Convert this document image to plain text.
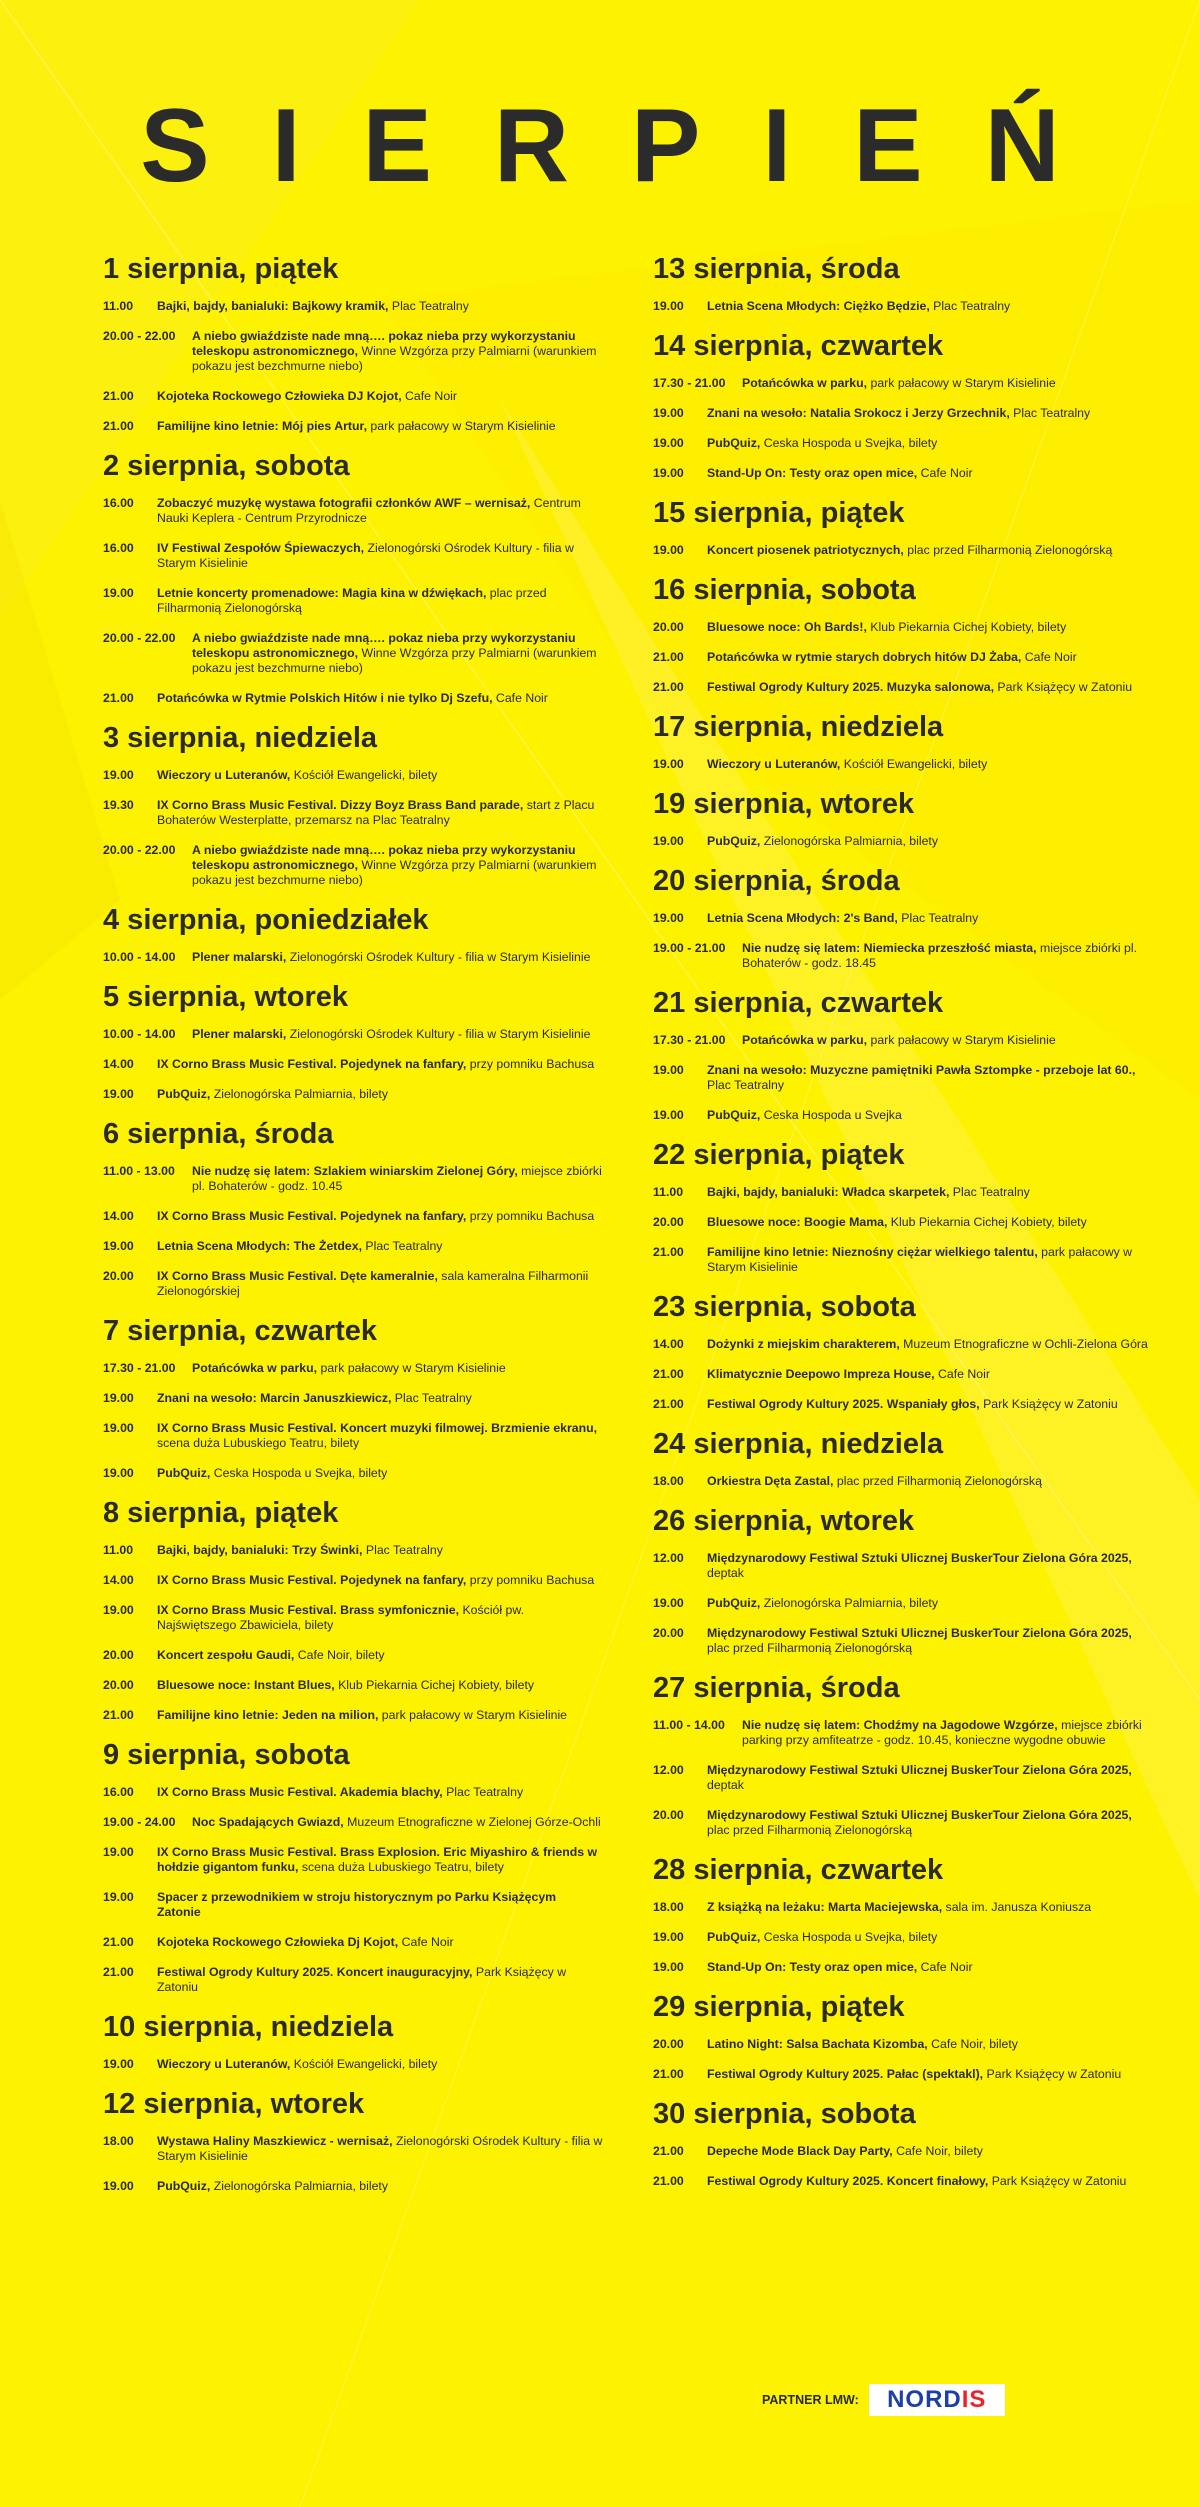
SIERPIEŃ
1 sierpnia, piątek
11.00	Bajki, bajdy, banialuki: Bajkowy kramik, Plac Teatralny
20.00 - 22.00	A niebo gwiaździste nade mną…. pokaz nieba przy wykorzystaniu teleskopu astronomicznego, Winne Wzgórza przy Palmiarni (warunkiem pokazu jest bezchmurne niebo)
21.00	Kojoteka Rockowego Człowieka DJ Kojot, Cafe Noir
21.00	Familijne kino letnie: Mój pies Artur, park pałacowy w Starym Kisielinie
2 sierpnia, sobota
16.00	Zobaczyć muzykę wystawa fotografii członków AWF – wernisaż, Centrum Nauki Keplera - Centrum Przyrodnicze
16.00	IV Festiwal Zespołów Śpiewaczych, Zielonogórski Ośrodek Kultury - filia w Starym Kisielinie
19.00	Letnie koncerty promenadowe: Magia kina w dźwiękach, plac przed Filharmonią Zielonogórską
20.00 - 22.00	A niebo gwiaździste nade mną…. pokaz nieba przy wykorzystaniu teleskopu astronomicznego, Winne Wzgórza przy Palmiarni (warunkiem pokazu jest bezchmurne niebo)
21.00	Potańcówka w Rytmie Polskich Hitów i nie tylko Dj Szefu, Cafe Noir
3 sierpnia, niedziela
19.00	Wieczory u Luteranów, Kościół Ewangelicki, bilety
19.30	IX Corno Brass Music Festival. Dizzy Boyz Brass Band parade, start z Placu Bohaterów Westerplatte, przemarsz na Plac Teatralny
20.00 - 22.00	A niebo gwiaździste nade mną…. pokaz nieba przy wykorzystaniu teleskopu astronomicznego, Winne Wzgórza przy Palmiarni (warunkiem pokazu jest bezchmurne niebo)
4 sierpnia, poniedziałek
10.00 - 14.00	Plener malarski, Zielonogórski Ośrodek Kultury - filia w Starym Kisielinie
5 sierpnia, wtorek
10.00 - 14.00	Plener malarski, Zielonogórski Ośrodek Kultury - filia w Starym Kisielinie
14.00	IX Corno Brass Music Festival. Pojedynek na fanfary, przy pomniku Bachusa
19.00	PubQuiz, Zielonogórska Palmiarnia, bilety
6 sierpnia, środa
11.00 - 13.00	Nie nudzę się latem: Szlakiem winiarskim Zielonej Góry, miejsce zbiórki pl. Bohaterów - godz. 10.45
14.00	IX Corno Brass Music Festival. Pojedynek na fanfary, przy pomniku Bachusa
19.00	Letnia Scena Młodych: The Żetdex, Plac Teatralny
20.00	IX Corno Brass Music Festival. Dęte kameralnie, sala kameralna Filharmonii Zielonogórskiej
7 sierpnia, czwartek
17.30 - 21.00	Potańcówka w parku, park pałacowy w Starym Kisielinie
19.00	Znani na wesoło: Marcin Januszkiewicz, Plac Teatralny
19.00	IX Corno Brass Music Festival. Koncert muzyki filmowej. Brzmienie ekranu, scena duża Lubuskiego Teatru, bilety
19.00	PubQuiz, Ceska Hospoda u Svejka, bilety
8 sierpnia, piątek
11.00	Bajki, bajdy, banialuki: Trzy Świnki, Plac Teatralny
14.00	IX Corno Brass Music Festival. Pojedynek na fanfary, przy pomniku Bachusa
19.00	IX Corno Brass Music Festival. Brass symfonicznie, Kościół pw. Najświętszego Zbawiciela, bilety
20.00	Koncert zespołu Gaudi, Cafe Noir, bilety
20.00	Bluesowe noce: Instant Blues, Klub Piekarnia Cichej Kobiety, bilety
21.00	Familijne kino letnie: Jeden na milion, park pałacowy w Starym Kisielinie
9 sierpnia, sobota
16.00	IX Corno Brass Music Festival. Akademia blachy, Plac Teatralny
19.00 - 24.00	Noc Spadających Gwiazd, Muzeum Etnograficzne w Zielonej Górze-Ochli
19.00	IX Corno Brass Music Festival. Brass Explosion. Eric Miyashiro & friends w hołdzie gigantom funku, scena duża Lubuskiego Teatru, bilety
19.00	Spacer z przewodnikiem w stroju historycznym po Parku Książęcym Zatonie
21.00	Kojoteka Rockowego Człowieka Dj Kojot, Cafe Noir
21.00	Festiwal Ogrody Kultury 2025. Koncert inauguracyjny, Park Książęcy w Zatoniu
10 sierpnia, niedziela
19.00	Wieczory u Luteranów, Kościół Ewangelicki, bilety
12 sierpnia, wtorek
18.00	Wystawa Haliny Maszkiewicz - wernisaż, Zielonogórski Ośrodek Kultury - filia w Starym Kisielinie
19.00	PubQuiz, Zielonogórska Palmiarnia, bilety
13 sierpnia, środa
19.00	Letnia Scena Młodych: Ciężko Będzie, Plac Teatralny
14 sierpnia, czwartek
17.30 - 21.00	Potańcówka w parku, park pałacowy w Starym Kisielinie
19.00	Znani na wesoło: Natalia Srokocz i Jerzy Grzechnik, Plac Teatralny
19.00	PubQuiz, Ceska Hospoda u Svejka, bilety
19.00	Stand-Up On: Testy oraz open mice, Cafe Noir
15 sierpnia, piątek
19.00	Koncert piosenek patriotycznych, plac przed Filharmonią Zielonogórską
16 sierpnia, sobota
20.00	Bluesowe noce: Oh Bards!, Klub Piekarnia Cichej Kobiety, bilety
21.00	Potańcówka w rytmie starych dobrych hitów DJ Żaba, Cafe Noir
21.00	Festiwal Ogrody Kultury 2025. Muzyka salonowa, Park Książęcy w Zatoniu
17 sierpnia, niedziela
19.00	Wieczory u Luteranów, Kościół Ewangelicki, bilety
19 sierpnia, wtorek
19.00	PubQuiz, Zielonogórska Palmiarnia, bilety
20 sierpnia, środa
19.00	Letnia Scena Młodych: 2's Band, Plac Teatralny
19.00 - 21.00	Nie nudzę się latem: Niemiecka przeszłość miasta, miejsce zbiórki pl. Bohaterów - godz. 18.45
21 sierpnia, czwartek
17.30 - 21.00	Potańcówka w parku, park pałacowy w Starym Kisielinie
19.00	Znani na wesoło: Muzyczne pamiętniki Pawła Sztompke - przeboje lat 60., Plac Teatralny
19.00	PubQuiz, Ceska Hospoda u Svejka
22 sierpnia, piątek
11.00	Bajki, bajdy, banialuki: Władca skarpetek, Plac Teatralny
20.00	Bluesowe noce: Boogie Mama, Klub Piekarnia Cichej Kobiety, bilety
21.00	Familijne kino letnie: Nieznośny ciężar wielkiego talentu, park pałacowy w Starym Kisielinie
23 sierpnia, sobota
14.00	Dożynki z miejskim charakterem, Muzeum Etnograficzne w Ochli-Zielona Góra
21.00	Klimatycznie Deepowo Impreza House, Cafe Noir
21.00	Festiwal Ogrody Kultury 2025. Wspaniały głos, Park Książęcy w Zatoniu
24 sierpnia, niedziela
18.00	Orkiestra Dęta Zastal, plac przed Filharmonią Zielonogórską
26 sierpnia, wtorek
12.00	Międzynarodowy Festiwal Sztuki Ulicznej BuskerTour Zielona Góra 2025, deptak
19.00	PubQuiz, Zielonogórska Palmiarnia, bilety
20.00	Międzynarodowy Festiwal Sztuki Ulicznej BuskerTour Zielona Góra 2025, plac przed Filharmonią Zielonogórską
27 sierpnia, środa
11.00 - 14.00	Nie nudzę się latem: Chodźmy na Jagodowe Wzgórze, miejsce zbiórki parking przy amfiteatrze - godz. 10.45, konieczne wygodne obuwie
12.00	Międzynarodowy Festiwal Sztuki Ulicznej BuskerTour Zielona Góra 2025, deptak
20.00	Międzynarodowy Festiwal Sztuki Ulicznej BuskerTour Zielona Góra 2025, plac przed Filharmonią Zielonogórską
28 sierpnia, czwartek
18.00	Z książką na leżaku: Marta Maciejewska, sala im. Janusza Koniusza
19.00	PubQuiz, Ceska Hospoda u Svejka, bilety
19.00	Stand-Up On: Testy oraz open mice, Cafe Noir
29 sierpnia, piątek
20.00	Latino Night: Salsa Bachata Kizomba, Cafe Noir, bilety
21.00	Festiwal Ogrody Kultury 2025. Pałac (spektakl), Park Książęcy w Zatoniu
30 sierpnia, sobota
21.00	Depeche Mode Black Day Party, Cafe Noir, bilety
21.00	Festiwal Ogrody Kultury 2025. Koncert finałowy, Park Książęcy w Zatoniu
PARTNER LMW: NORD IS
